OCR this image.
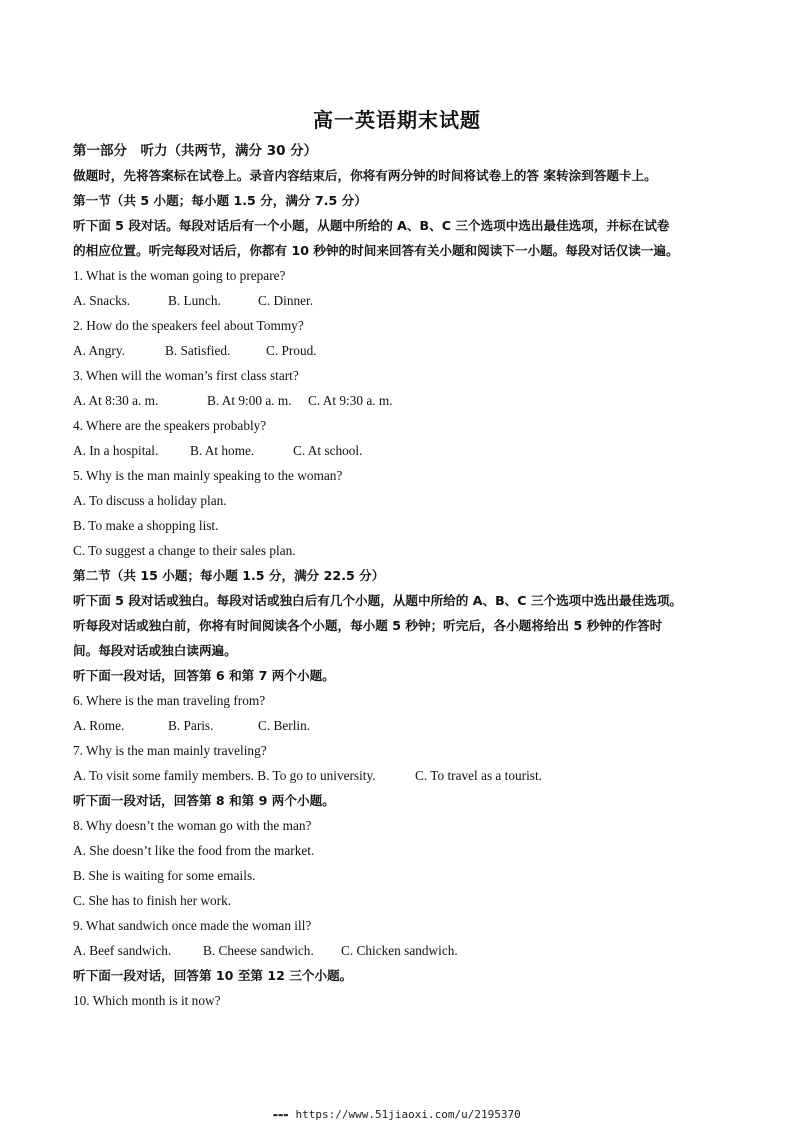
高一英语期末试题
第一部分　听力（共两节，满分 30 分）
做题时，先将答案标在试卷上。录音内容结束后，你将有两分钟的时间将试卷上的答 案转涂到答题卡上。
第一节（共 5 小题；每小题 1.5 分，满分 7.5 分）
听下面 5 段对话。每段对话后有一个小题，从题中所给的 A、B、C 三个选项中选出最佳选项，并标在试卷
的相应位置。听完每段对话后，你都有 10 秒钟的时间来回答有关小题和阅读下一小题。每段对话仅读一遍。
1. What is the woman going to prepare?
A. Snacks.	B. Lunch.	C. Dinner.
2. How do the speakers feel about Tommy?
A. Angry.	B. Satisfied.	C. Proud.
3. When will the woman’s first class start?
A. At 8:30 a. m.	B. At 9:00 a. m. C. At 9:30 a. m.
4. Where are the speakers probably?
A. In a hospital. B. At home.	C. At school.
5. Why is the man mainly speaking to the woman?
A. To discuss a holiday plan.
B. To make a shopping list.
C. To suggest a change to their sales plan.
第二节（共 15 小题；每小题 1.5 分，满分 22.5 分）
听下面 5 段对话或独白。每段对话或独白后有几个小题，从题中所给的 A、B、C 三个选项中选出最佳选项。
听每段对话或独白前，你将有时间阅读各个小题，每小题 5 秒钟；听完后，各小题将给出 5 秒钟的作答时
间。每段对话或独白读两遍。
听下面一段对话，回答第 6 和第 7 两个小题。
6. Where is the man traveling from?
A. Rome.	B. Paris.	C. Berlin.
7. Why is the man mainly traveling?
A. To visit some family members. B. To go to university.	C. To travel as a tourist.
听下面一段对话，回答第 8 和第 9 两个小题。
8. Why doesn’t the woman go with the man?
A. She doesn’t like the food from the market.
B. She is waiting for some emails.
C. She has to finish her work.
9. What sandwich once made the woman ill?
A. Beef sandwich. B. Cheese sandwich. C. Chicken sandwich.
听下面一段对话，回答第 10 至第 12 三个小题。
10. Which month is it now?
▬▬▬ https://www.51jiaoxi.com/u/2195370
